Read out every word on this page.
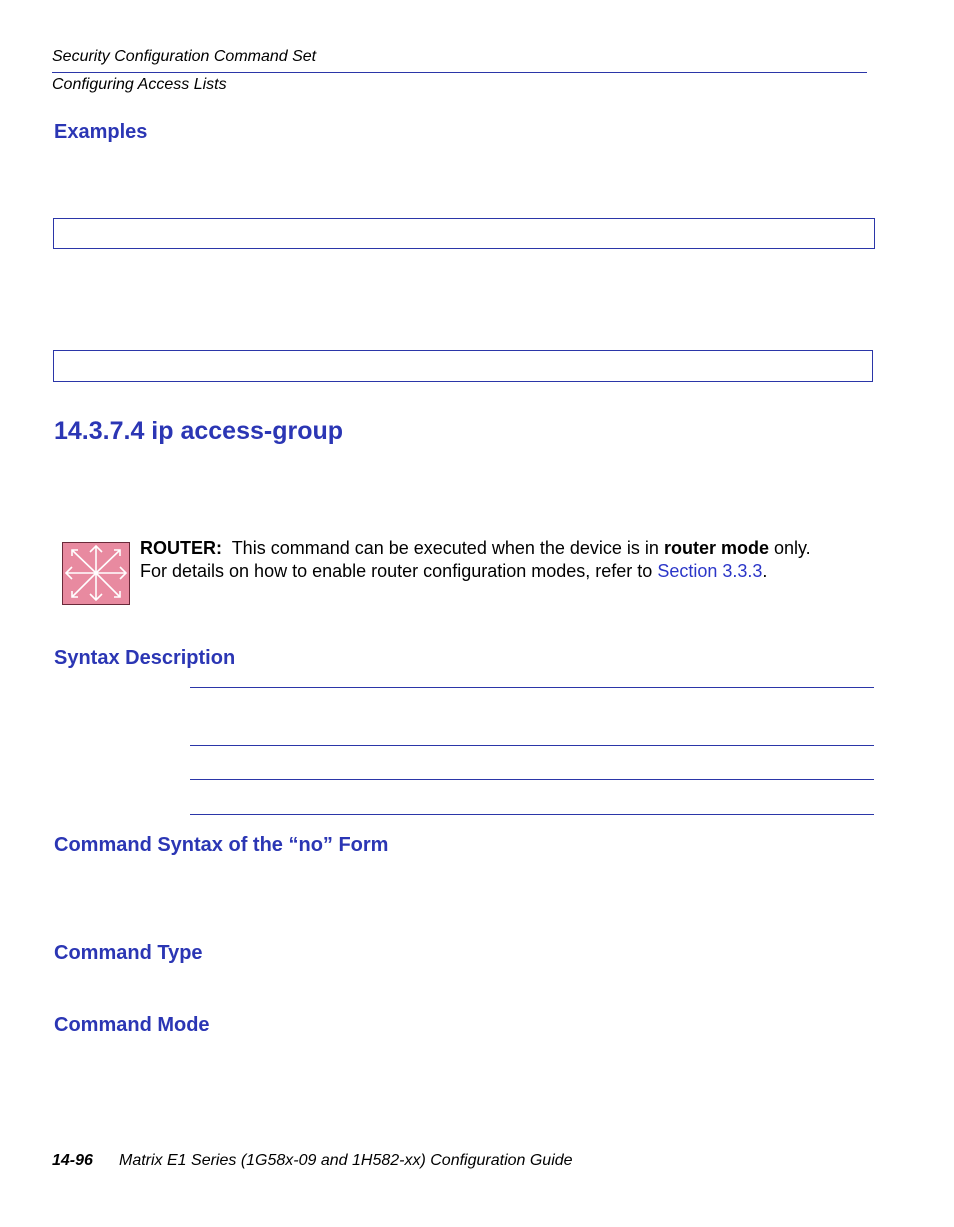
Security Configuration Command Set
Configuring Access Lists
Examples
14.3.7.4 ip access-group
ROUTER: This command can be executed when the device is in router mode only.
For details on how to enable router configuration modes, refer to Section 3.3.3.
Syntax Description
Command Syntax of the “no” Form
Command Type
Command Mode
14-96 Matrix E1 Series (1G58x-09 and 1H582-xx) Configuration Guide
